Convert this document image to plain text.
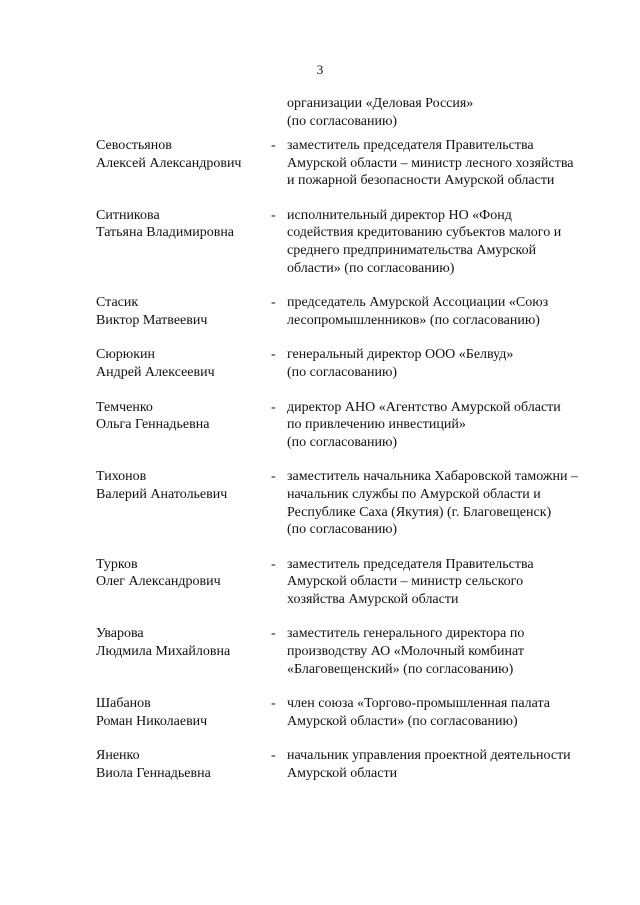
3
организации «Деловая Россия»
(по согласованию)
Севостьянов
Алексей Александрович
- заместитель председателя Правительства
Амурской области – министр лесного хозяйства
и пожарной безопасности Амурской области
Ситникова
Татьяна Владимировна
- исполнительный директор НО «Фонд
содействия кредитованию субъектов малого и
среднего предпринимательства Амурской
области» (по согласованию)
Стасик
Виктор Матвеевич
- председатель Амурской Ассоциации «Союз
лесопромышленников» (по согласованию)
Сюрюкин
Андрей Алексеевич
- генеральный директор ООО «Белвуд»
(по согласованию)
Темченко
Ольга Геннадьевна
- директор АНО «Агентство Амурской области
по привлечению инвестиций»
(по согласованию)
Тихонов
Валерий Анатольевич
- заместитель начальника Хабаровской таможни –
начальник службы по Амурской области и
Республике Саха (Якутия) (г. Благовещенск)
(по согласованию)
Турков
Олег Александрович
- заместитель председателя Правительства
Амурской области – министр сельского
хозяйства Амурской области
Уварова
Людмила Михайловна
- заместитель генерального директора по
производству АО «Молочный комбинат
«Благовещенский» (по согласованию)
Шабанов
Роман Николаевич
- член союза «Торгово-промышленная палата
Амурской области» (по согласованию)
Яненко
Виола Геннадьевна
- начальник управления проектной деятельности
Амурской области
